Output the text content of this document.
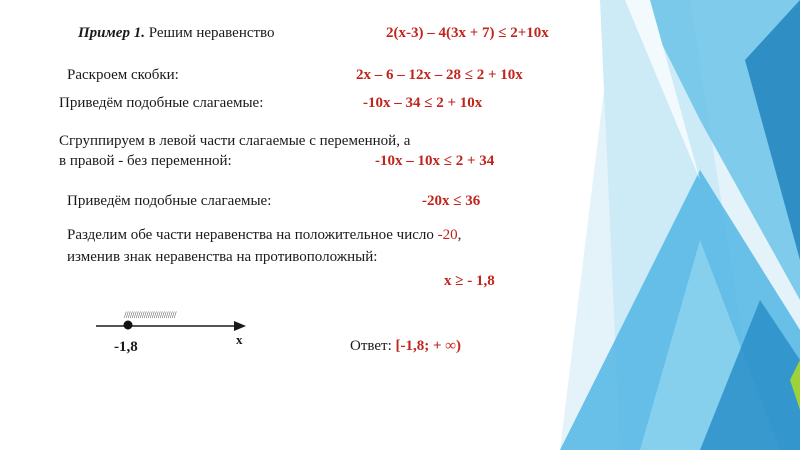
Пример 1. Решим неравенство	2(х-3) – 4(3х + 7) ≤ 2+10х
Раскроем скобки:	2х – 6 – 12х – 28 ≤ 2 + 10х
Приведём подобные слагаемые:	-10х – 34 ≤ 2 + 10х
Сгруппируем в левой части слагаемые с переменной, а
в правой - без переменной:	-10х – 10х ≤ 2 + 34
Приведём подобные слагаемые:	-20х ≤ 36
Разделим обе части неравенства на положительное число -20,
изменив знак неравенства на противоположный:
х ≥ - 1,8
//////////////////////////
х
-1,8	Ответ: [-1,8; + ∞)
